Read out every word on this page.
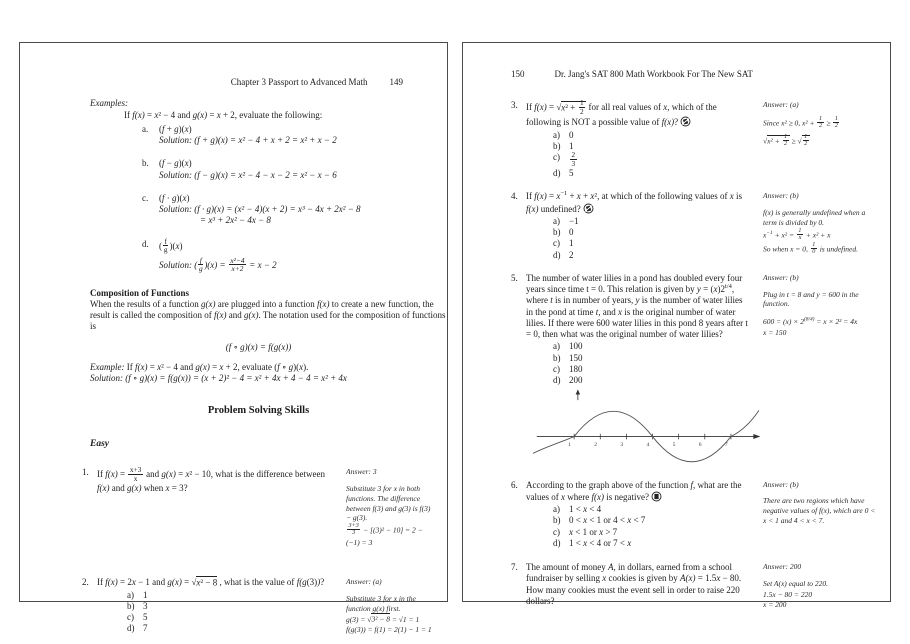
Chapter 3 Passport to Advanced Math 149
Examples:
If f(x) = x² − 4 and g(x) = x + 2, evaluate the following:
a.	(f + g)(x)
Solution: (f + g)(x) = x² − 4 + x + 2 = x² + x − 2
b.	(f − g)(x)
Solution: (f − g)(x) = x² − 4 − x − 2 = x² − x − 6
c.	(f · g)(x)
Solution: (f · g)(x) = (x² − 4)(x + 2) = x³ − 4x + 2x² − 8
= x³ + 2x² − 4x − 8
d.	( $\frac{f}{g} )(x)$
Solution: ( $\frac{f}{g} )(x) = \frac{\text{x²−4}}{x+2} = x - 2$
Composition of Functions
When the results of a function g(x) are plugged into a function f(x) to create a new function, the result is called the composition of f(x) and g(x). The notation used for the composition of functions is
(f ∘ g)(x) = f(g(x))
Example: If f(x) = x² − 4 and g(x) = x + 2, evaluate (f ∘ g)(x).
Solution: (f ∘ g)(x) = f(g(x)) = (x + 2)² − 4 = x² + 4x + 4 − 4 = x² + 4x
Problem Solving Skills
Easy
1. If $f(x) = \frac{x+3}{x}$ and g(x) = x² − 10, what is the difference between f(x) and g(x) when x = 3?
Answer: 3
Substitute 3 for x in both functions. The difference between f(3) and g(3) is f(3) − g(3).
$\frac{3+3}{3} - [(3)^2 - 10] = 2 - (-1) = 3$
2. If f(x) = 2x − 1 and g(x) = √x² − 8 , what is the value of f(g(3))?
a)	1
b) 3
c)	5
d) 7
Answer: (a)
Substitute 3 for x in the function g(x) first.
g(3) = √3² − 8 = √1 = 1
f(g(3)) = f(1) = 2(1) − 1 = 1
150	Dr. Jang's SAT 800 Math Workbook For The New SAT
3. If $f(x) = √x^2 + \frac{1}{2}$ for all real values of x, which of the following is NOT a possible value of f(x)?
a)	0
b) 1
c)	$\frac{2}{3}$
d) 5
Answer: (a)
Since x² ≥ 0, $x^2 + \frac{1}{2} \ge \frac{1}{2}$
$√x^2 + \frac{1}{2}$ ≥ √ $\frac{1}{2}$
4. If $f(x) = x^{-1} + x + x^2$, at which of the following values of x is f(x) undefined?
a)	−1
b) 0
c)	1
d) 2
Answer: (b)
f(x) is generally undefined when a term is divided by 0.
$x^{-1} + x^2 = \frac{1}{x} + x^2 + x$
So when x = 0, $\frac{1}{0}$ is undefined.
5. The number of water lilies in a pond has doubled every four years since time t = 0. This relation is given by $y = (x)2^{t/4}$, where t is in number of years, y is the number of water lilies in the pond at time t, and x is the original number of water lilies. If there were 600 water lilies in this pond 8 years after t = 0, then what was the original number of water lilies?
a)	100
b) 150
c)	180
d) 200
Answer: (b)
Plug in t = 8 and y = 600 in the function.
$600 = (x) \times 2^{(8/4)} = x \times 2^2 = 4x$
x = 150
1	2	3	4	5	6	7
6. According to the graph above of the function f, what are the values of x where f(x) is negative?
a)	1 < x < 4
b) 0 < x < 1 or 4 < x < 7
c)	x < 1 or x > 7
d) 1 < x < 4 or 7 < x
Answer: (b)
There are two regions which have negative values of f(x), which are 0 < x < 1 and 4 < x < 7.
7. The amount of money A, in dollars, earned from a school fundraiser by selling x cookies is given by A(x) = 1.5x − 80. How many cookies must the event sell in order to raise 220 dollars?
Answer: 200
Set A(x) equal to 220.
1.5x − 80 = 220
x = 200
